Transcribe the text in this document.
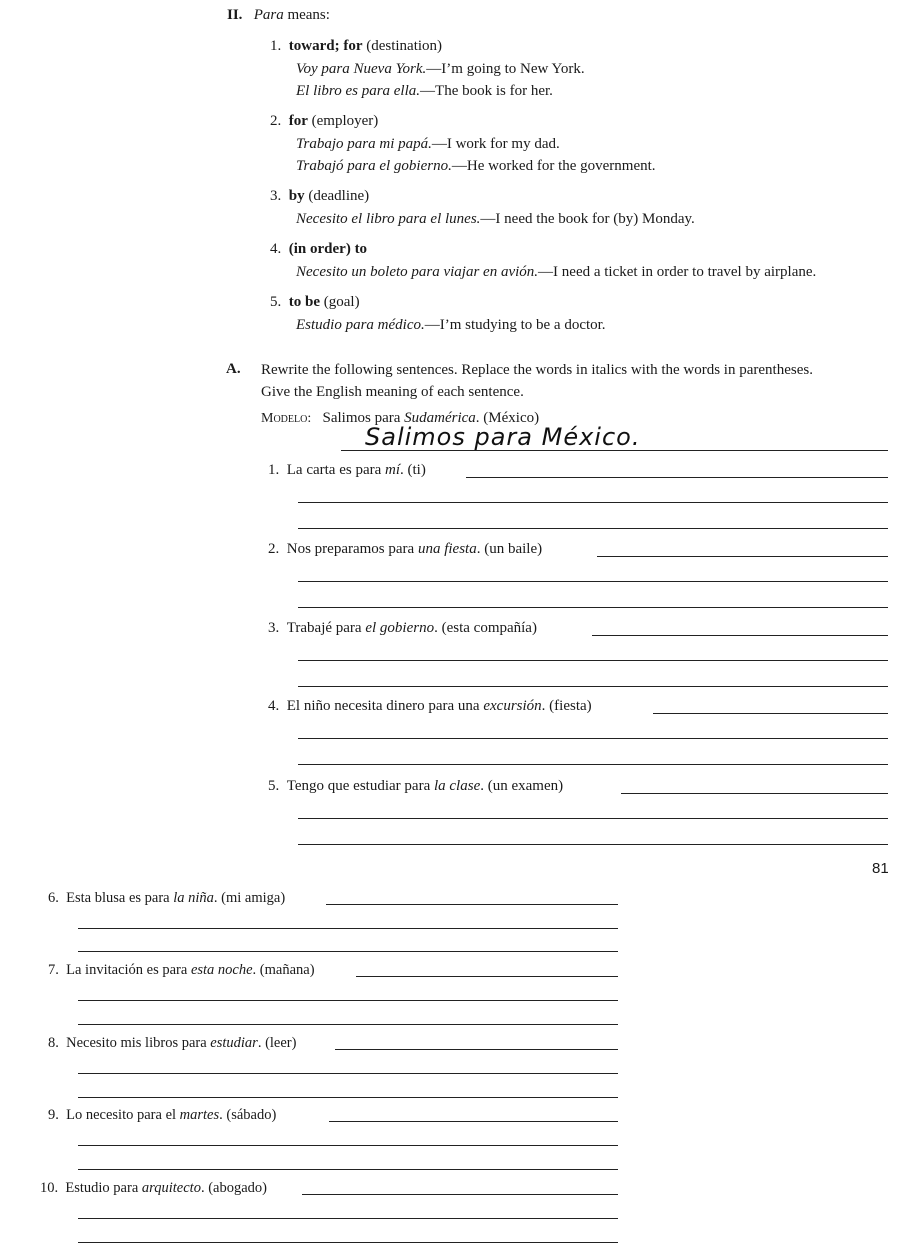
II. Para means:
1. toward; for (destination)
Voy para Nueva York.—I’m going to New York.
El libro es para ella.—The book is for her.
2. for (employer)
Trabajo para mi papá.—I work for my dad.
Trabajó para el gobierno.—He worked for the government.
3. by (deadline)
Necesito el libro para el lunes.—I need the book for (by) Monday.
4. (in order) to
Necesito un boleto para viajar en avión.—I need a ticket in order to travel by airplane.
5. to be (goal)
Estudio para médico.—I’m studying to be a doctor.
A. Rewrite the following sentences. Replace the words in italics with the words in parentheses.
Give the English meaning of each sentence.
Modelo: Salimos para Sudamérica. (México)
Salimos para México.
1. La carta es para mí. (ti)
2. Nos preparamos para una fiesta. (un baile)
3. Trabajé para el gobierno. (esta compañía)
4. El niño necesita dinero para una excursión. (fiesta)
5. Tengo que estudiar para la clase. (un examen)
81
6. Esta blusa es para la niña. (mi amiga)
7. La invitación es para esta noche. (mañana)
8. Necesito mis libros para estudiar. (leer)
9. Lo necesito para el martes. (sábado)
10. Estudio para arquitecto. (abogado)
